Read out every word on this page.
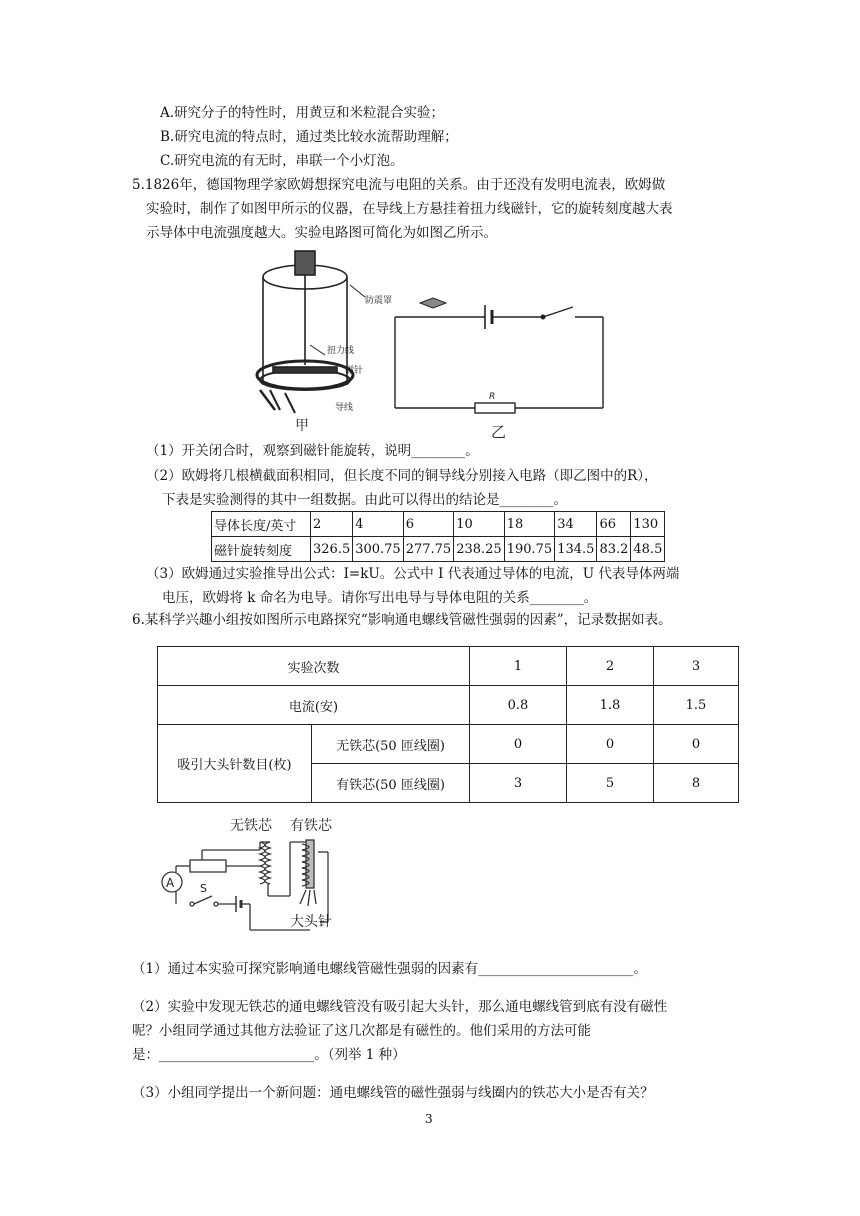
A.研究分子的特性时，用黄豆和米粒混合实验；
B.研究电流的特点时，通过类比较水流帮助理解；
C.研究电流的有无时，串联一个小灯泡。
5.1826年，德国物理学家欧姆想探究电流与电阻的关系。由于还没有发明电流表，欧姆做
实验时，制作了如图甲所示的仪器，在导线上方悬挂着扭力线磁针，它的旋转刻度越大表
示导体中电流强度越大。实验电路图可简化为如图乙所示。
防震罩
扭力线
磁针
导线
甲
R
乙
（1）开关闭合时，观察到磁针能旋转，说明________。
（2）欧姆将几根横截面积相同，但长度不同的铜导线分别接入电路（即乙图中的R），
下表是实验测得的其中一组数据。由此可以得出的结论是________。
导体长度/英寸	2	4	6	10	18	34	66	130
磁针旋转刻度	326.5	300.75	277.75	238.25	190.75	134.5	83.2	48.5
（3）欧姆通过实验推导出公式：I=kU。公式中 I 代表通过导体的电流，U 代表导体两端
电压，欧姆将 k 命名为电导。请你写出电导与导体电阻的关系________。
6.某科学兴趣小组按如图所示电路探究“影响通电螺线管磁性强弱的因素”，记录数据如表。
实验次数		1	2	3
电流(安)		0.8	1.8	1.5
吸引大头针数目(枚)	无铁芯(50 匝线圈)	0	0	0
	有铁芯(50 匝线圈)	3	5	8
无铁芯 有铁芯
A S
大头针
（1）通过本实验可探究影响通电螺线管磁性强弱的因素有_______________________。
（2）实验中发现无铁芯的通电螺线管没有吸引起大头针，那么通电螺线管到底有没有磁性
呢？小组同学通过其他方法验证了这几次都是有磁性的。他们采用的方法可能
是：_______________________。（列举 1 种）
（3）小组同学提出一个新问题：通电螺线管的磁性强弱与线圈内的铁芯大小是否有关？
3
